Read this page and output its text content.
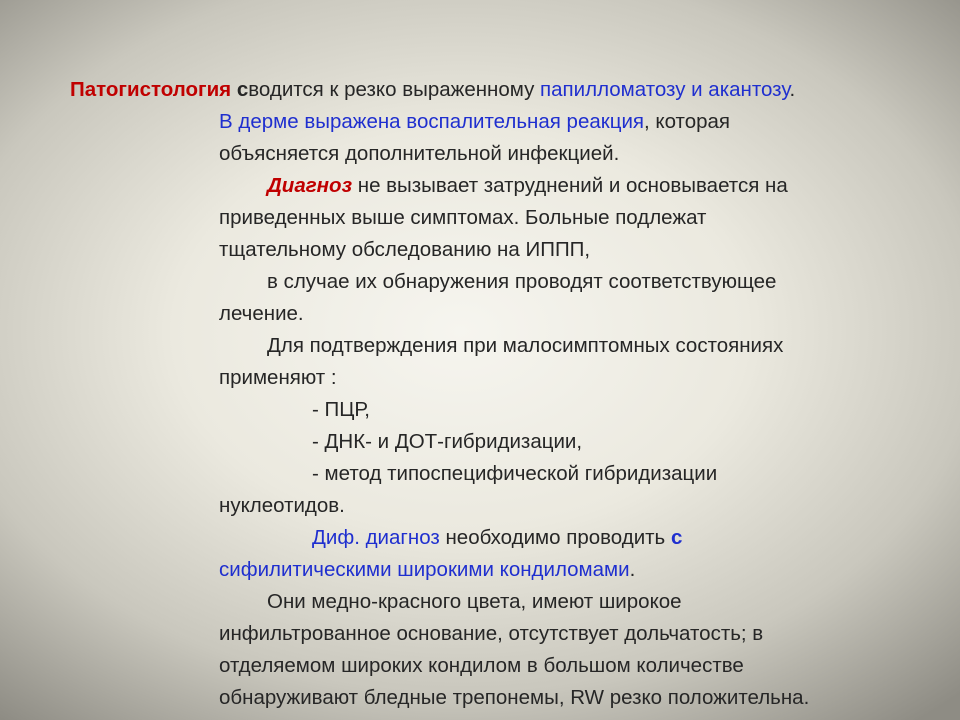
Патогистология сводится к резко выраженному папилломатозу и акантозу.
В дерме выражена воспалительная реакция, которая
объясняется дополнительной инфекцией.
Диагноз не вызывает затруднений и основывается на
приведенных выше симптомах. Больные подлежат
тщательному обследованию на ИППП,
в случае их обнаружения проводят соответствующее
лечение.
Для подтверждения при малосимптомных состояниях
применяют :
- ПЦР,
- ДНК- и ДОТ-гибридизации,
- метод типоспецифической гибридизации
нуклеотидов.
Диф. диагноз необходимо проводить с
сифилитическими широкими кондиломами.
Они медно-красного цвета, имеют широкое
инфильтрованное основание, отсутствует дольчатость; в
отделяемом широких кондилом в большом количестве
обнаруживают бледные трепонемы, RW резко положительна.
